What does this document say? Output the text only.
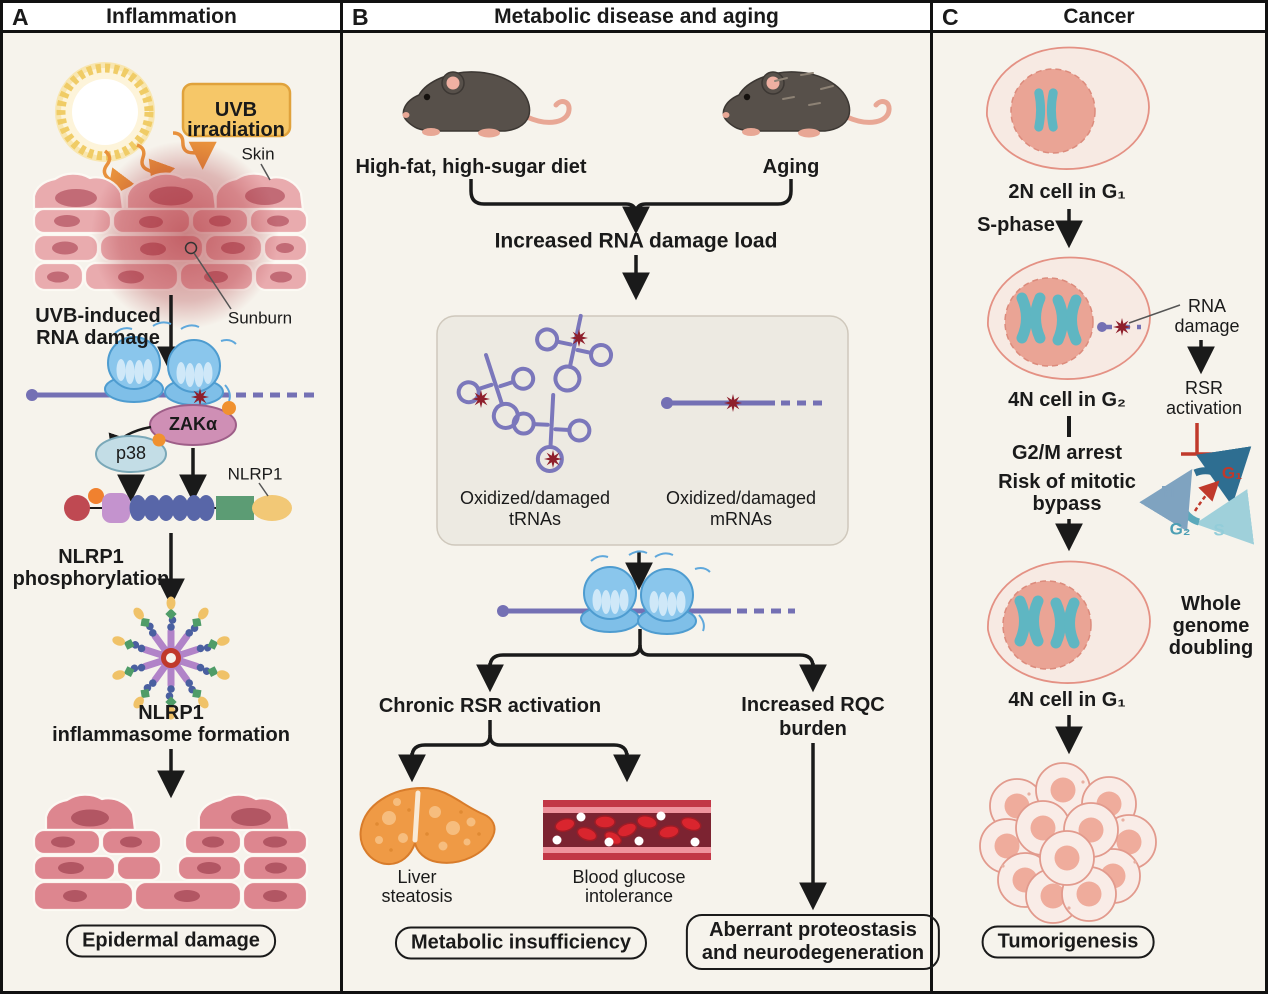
A	Inflammation	B	Metabolic disease and aging	C	Cancer
UVB
irradiation
Skin
Sunburn
UVB-induced
RNA damage
ZAKα
p38
NLRP1
NLRP1
phosphorylation
NLRP1
inflammasome formation
Epidermal damage
High-fat, high-sugar diet	Aging
Increased RNA damage load
Oxidized/damaged
tRNAs
Oxidized/damaged
mRNAs
Chronic RSR activation	Increased RQC
burden
Liver
steatosis
Blood glucose
intolerance
Metabolic insufficiency
Aberrant proteostasis
and neurodegeneration
2N cell in G₁
S-phase
RNA
damage
RSR
activation
G₁
M
G₂ S
4N cell in G₂
G2/M arrest
Risk of mitotic
bypass
Whole
genome
doubling
4N cell in G₁
Tumorigenesis
